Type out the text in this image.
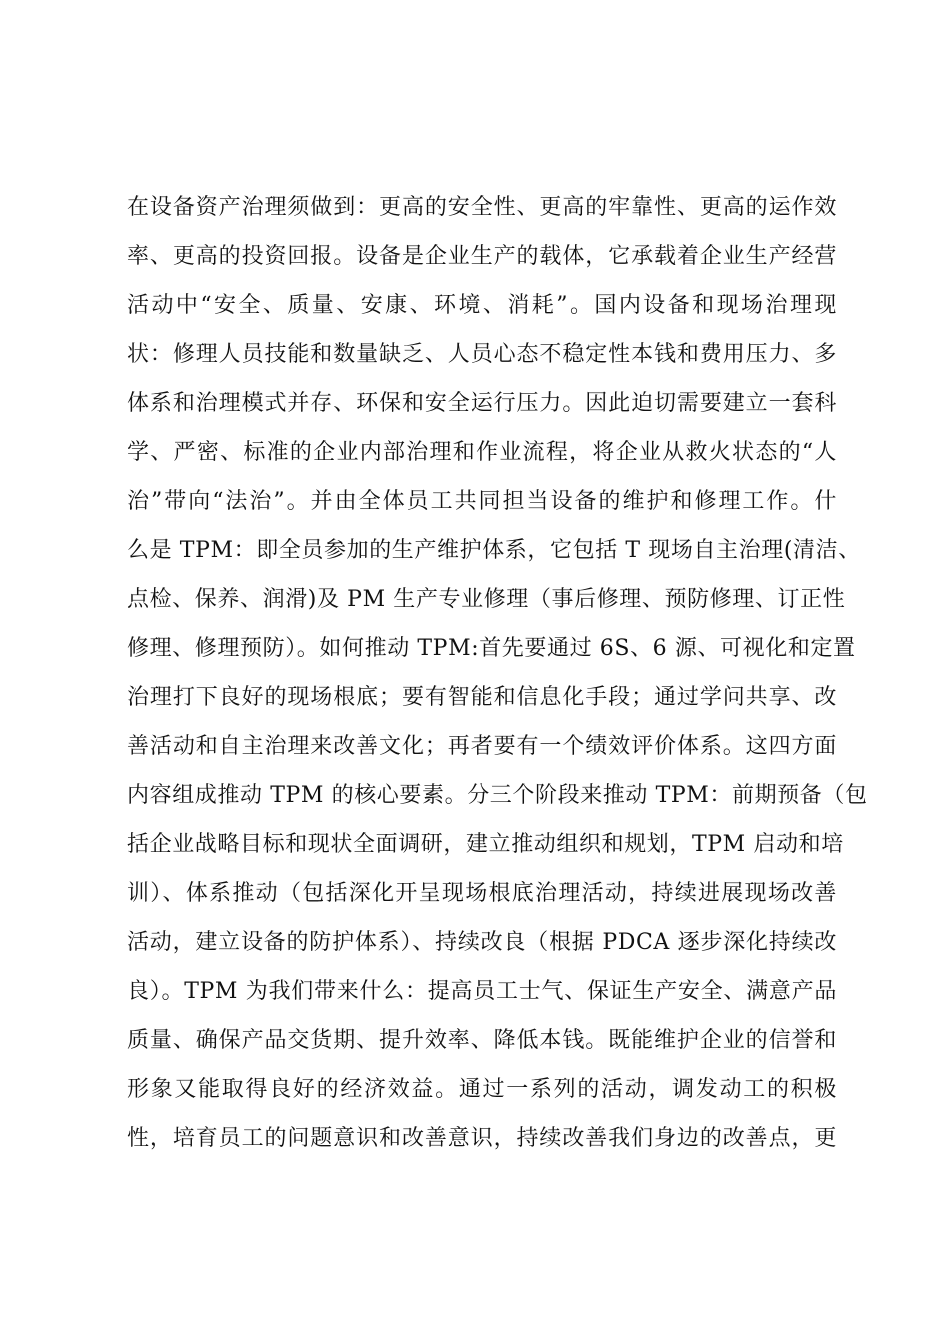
在设备资产治理须做到：更高的安全性、更高的牢靠性、更高的运作效
率、更高的投资回报。设备是企业生产的载体，它承载着企业生产经营
活动中“安全、质量、安康、环境、消耗”。国内设备和现场治理现
状：修理人员技能和数量缺乏、人员心态不稳定性本钱和费用压力、多
体系和治理模式并存、环保和安全运行压力。因此迫切需要建立一套科
学、严密、标准的企业内部治理和作业流程，将企业从救火状态的“人
治”带向“法治”。并由全体员工共同担当设备的维护和修理工作。什
么是 TPM：即全员参加的生产维护体系，它包括 T 现场自主治理(清洁、
点检、保养、润滑)及 PM 生产专业修理（事后修理、预防修理、订正性
修理、修理预防）。如何推动 TPM:首先要通过 6S、6 源、可视化和定置
治理打下良好的现场根底；要有智能和信息化手段；通过学问共享、改
善活动和自主治理来改善文化；再者要有一个绩效评价体系。这四方面
内容组成推动 TPM 的核心要素。分三个阶段来推动 TPM：前期预备（包
括企业战略目标和现状全面调研，建立推动组织和规划，TPM 启动和培
训）、体系推动（包括深化开呈现场根底治理活动，持续进展现场改善
活动，建立设备的防护体系）、持续改良（根据 PDCA 逐步深化持续改
良）。TPM 为我们带来什么：提高员工士气、保证生产安全、满意产品
质量、确保产品交货期、提升效率、降低本钱。既能维护企业的信誉和
形象又能取得良好的经济效益。通过一系列的活动，调发动工的积极
性，培育员工的问题意识和改善意识，持续改善我们身边的改善点，更
